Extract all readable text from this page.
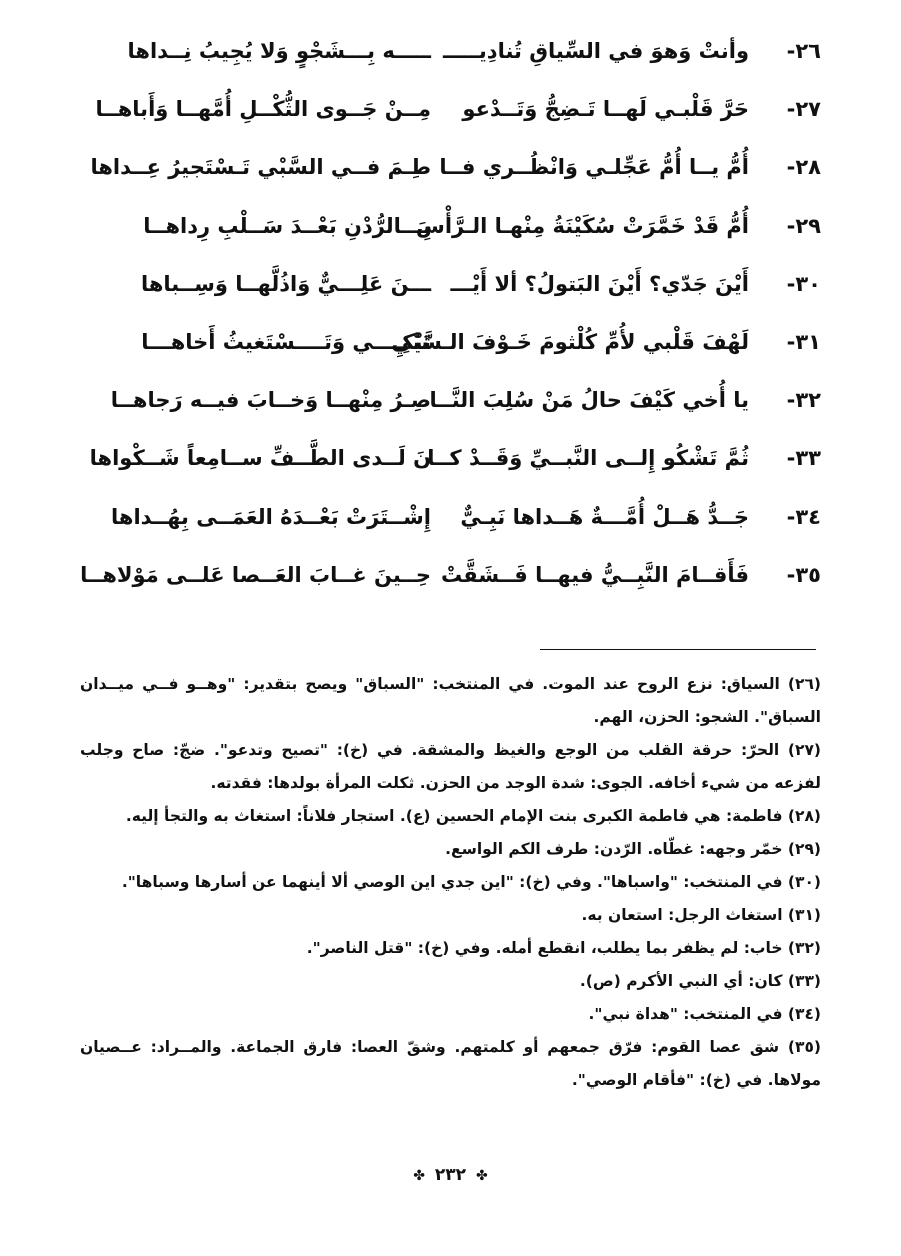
٢٦-
وأنتْ وَهوَ في السِّياقِ تُنادِيـــــ
ـــــه بِـــشَجْوٍ وَلا يُجِيبُ نِــداها
٢٧-
حَرَّ قَلْبـي لَهــا تَـضِجُّ وَتَــدْعو
مِــنْ جَــوى الثُّكْــلِ أُمَّهــا وَأَباهــا
٢٨-
أُمُّ يــا أُمُّ عَجِّلـي وَانْظُــري فــا
طِـمَ فــي السَّبْي تَـسْتَجيرُ عِــداها
٢٩-
أُمُّ قَدْ خَمَّرَتْ سُكَيْنَةُ مِنْهـا الـرَّأْسَ
بِـــالرُّدْنِ بَعْــدَ سَــلْبِ رِداهــا
٣٠-
أَيْنَ جَدّي؟ أَيْنَ البَتولُ؟ ألا أَيْـــ
ـــنَ عَلِـــيٌّ وَاذُلَّهــا وَسِــباها
٣١-
لَهْفَ قَلْبي لأُمِّ كُلْثومَ خَـوْفَ الـسَّبْيِ
تَبْكِــــي وَتَــــسْتَغيثُ أَخاهـــا
٣٢-
يا أُخي كَيْفَ حالُ مَنْ سُلِبَ النَّــا
صِـرُ مِنْهــا وَخــابَ فيــه رَجاهــا
٣٣-
ثُمَّ تَشْكُو إِلــى النَّبــيِّ وَقَــدْ كــا
نَ لَــدى الطَّــفِّ ســامِعاً شَــكْواها
٣٤-
جَــدُّ هَــلْ أُمَّـــةٌ هَــداها نَبِـيٌّ
إِشْــتَرَتْ بَعْــدَهُ العَمَــى بِهُــداها
٣٥-
فَأَقــامَ النَّبِــيُّ فيهــا فَــشَقَّتْ
حِــينَ غــابَ العَــصا عَلــى مَوْلاهــا

(٢٦) السياق: نزع الروح عند الموت. في المنتخب: "السباق" ويصح بتقدير: "وهــو فــي ميــدان السباق". الشجو: الحزن، الهم.

(٢٧) الحرّ: حرقة القلب من الوجع والغيظ والمشقة. في (خ): "تصيح وتدعو". ضجّ: صاح وجلب لفزعه من شيء أخافه. الجوى: شدة الوجد من الحزن. ثكلت المرأة بولدها: فقدته.

(٢٨) فاطمة: هي فاطمة الكبرى بنت الإمام الحسين (ع). استجار فلاناً: استغاث به والتجأ إليه.

(٢٩) خمّر وجهه: غطّاه. الرّدن: طرف الكم الواسع.

(٣٠) في المنتخب: "واسباها". وفي (خ): "اين جدي اين الوصي ألا أينهما عن أسارها وسباها".

(٣١) استغاث الرجل: استعان به.

(٣٢) خاب: لم يظفر بما يطلب، انقطع أمله. وفي (خ): "قتل الناصر".

(٣٣) كان: أي النبي الأكرم (ص).

(٣٤) في المنتخب: "هداة نبي".

(٣٥) شق عصا القوم: فرّق جمعهم أو كلمتهم. وشقّ العصا: فارق الجماعة. والمــراد: عــصيان مولاها. في (خ): "فأقام الوصي".

✤ ٢٣٢ ✤
